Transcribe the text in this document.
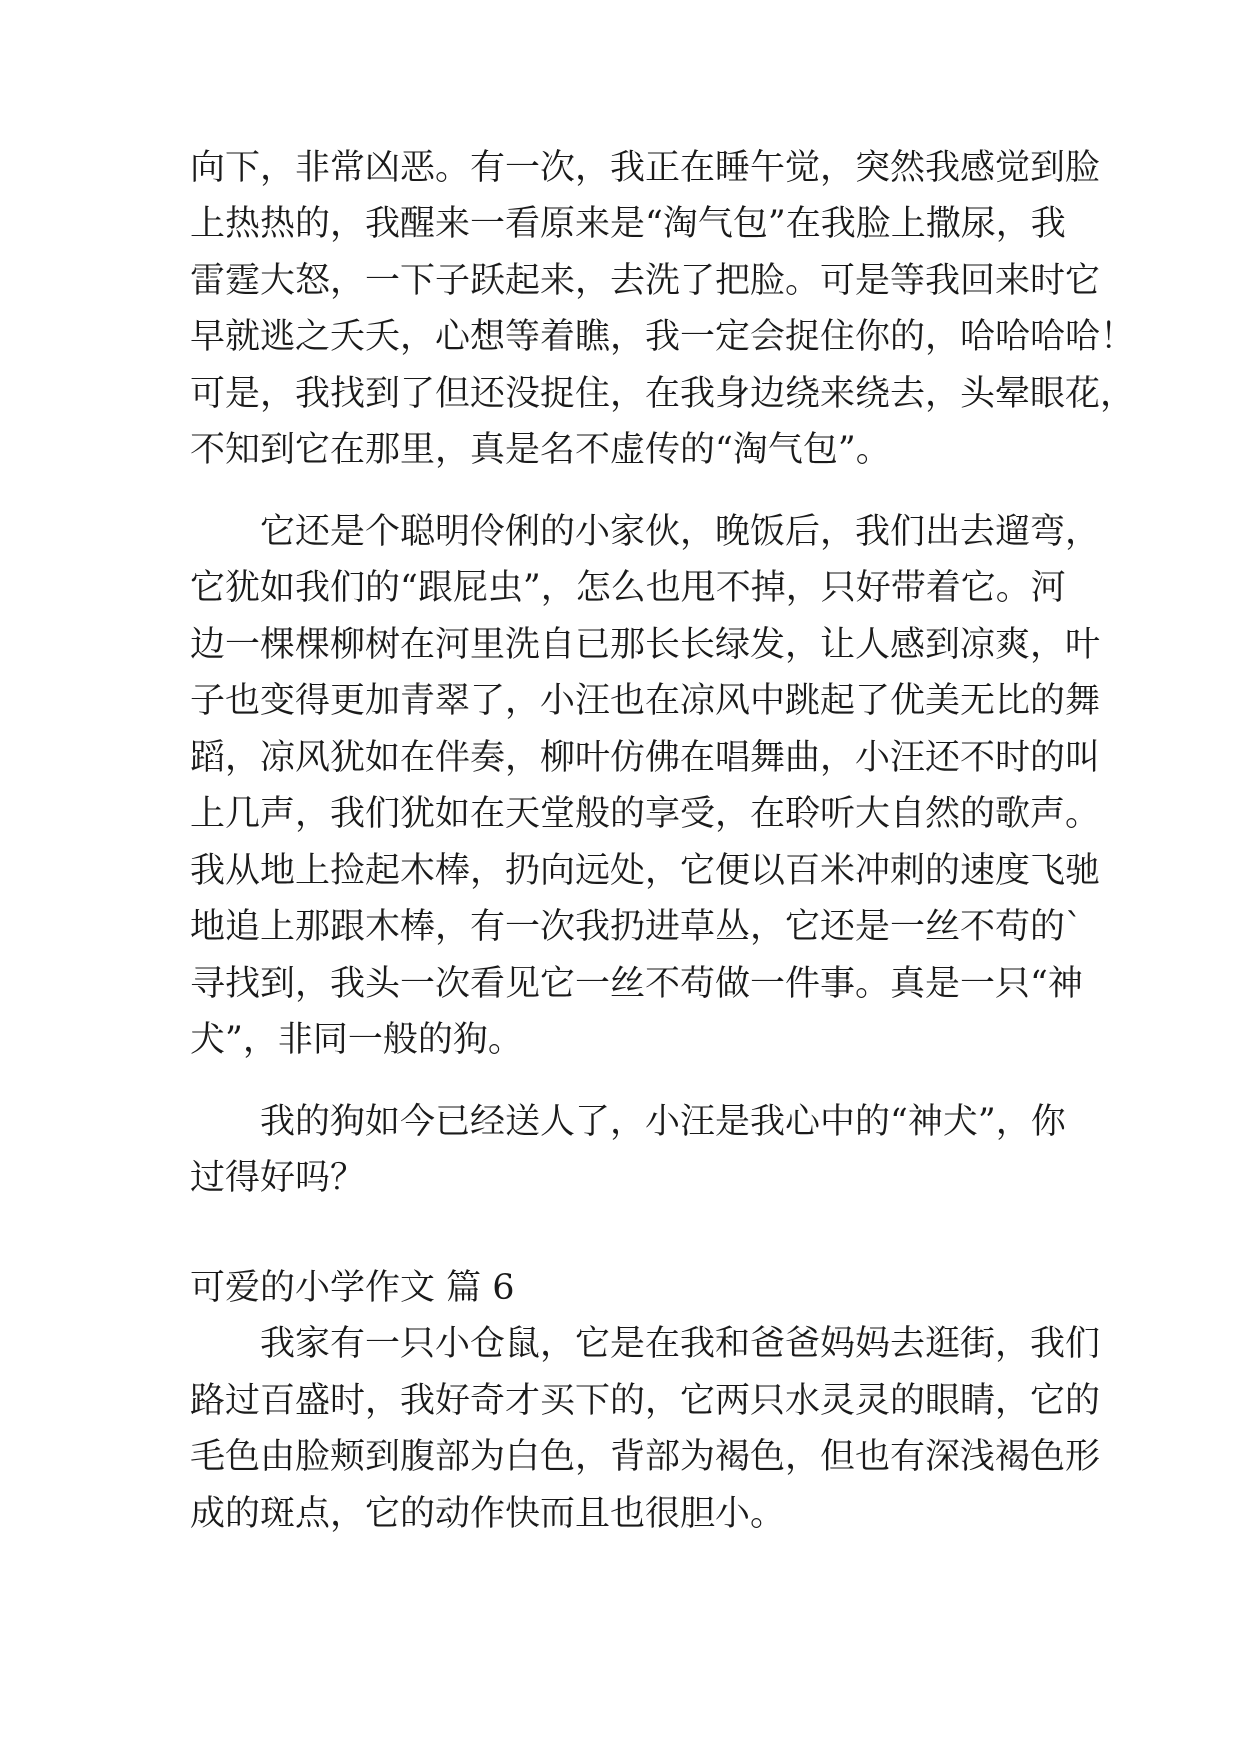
向下，非常凶恶。有一次，我正在睡午觉，突然我感觉到脸
上热热的，我醒来一看原来是“淘气包”在我脸上撒尿，我
雷霆大怒，一下子跃起来，去洗了把脸。可是等我回来时它
早就逃之夭夭，心想等着瞧，我一定会捉住你的，哈哈哈哈！
可是，我找到了但还没捉住，在我身边绕来绕去，头晕眼花，
不知到它在那里，真是名不虚传的“淘气包”。
它还是个聪明伶俐的小家伙，晚饭后，我们出去遛弯，
它犹如我们的“跟屁虫”，怎么也甩不掉，只好带着它。河
边一棵棵柳树在河里洗自已那长长绿发，让人感到凉爽，叶
子也变得更加青翠了，小汪也在凉风中跳起了优美无比的舞
蹈，凉风犹如在伴奏，柳叶仿佛在唱舞曲，小汪还不时的叫
上几声，我们犹如在天堂般的享受，在聆听大自然的歌声。
我从地上捡起木棒，扔向远处，它便以百米冲刺的速度飞驰
地追上那跟木棒，有一次我扔进草丛，它还是一丝不苟的`
寻找到，我头一次看见它一丝不苟做一件事。真是一只“神
犬”，非同一般的狗。
我的狗如今已经送人了，小汪是我心中的“神犬”，你
过得好吗？
可爱的小学作文 篇 6
我家有一只小仓鼠，它是在我和爸爸妈妈去逛街，我们
路过百盛时，我好奇才买下的，它两只水灵灵的眼睛，它的
毛色由脸颊到腹部为白色，背部为褐色，但也有深浅褐色形
成的斑点，它的动作快而且也很胆小。
